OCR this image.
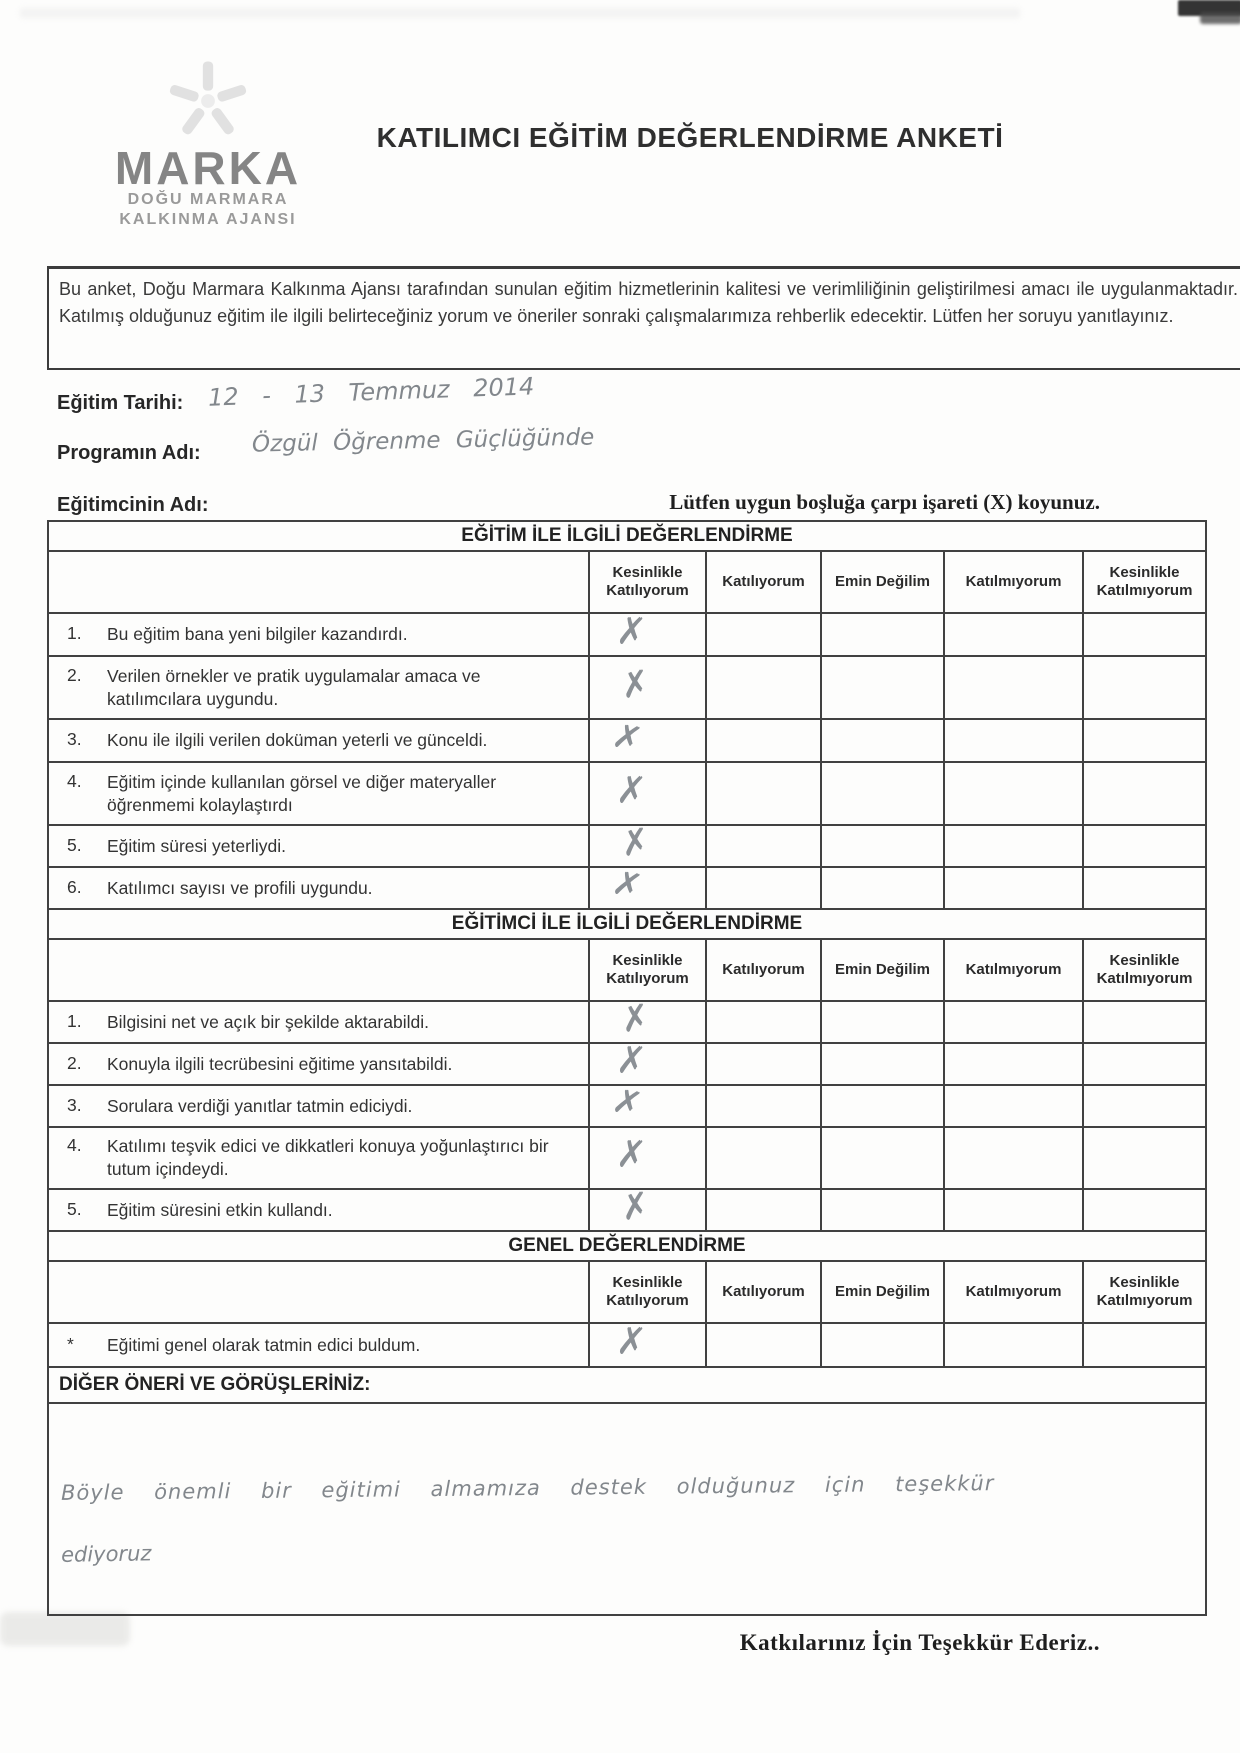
MARKA
DOĞU MARMARA
KALKINMA AJANSI
KATILIMCI EĞİTİM DEĞERLENDİRME ANKETİ
Bu anket, Doğu Marmara Kalkınma Ajansı tarafından sunulan eğitim hizmetlerinin kalitesi ve verimliliğinin geliştirilmesi amacı ile uygulanmaktadır. Katılmış olduğunuz eğitim ile ilgili belirteceğiniz yorum ve öneriler sonraki çalışmalarımıza rehberlik edecektir. Lütfen her soruyu yanıtlayınız.
Eğitim Tarihi: 12 - 13 Temmuz 2014
Programın Adı: Özgül Öğrenme Güçlüğünde
Eğitimcinin Adı:	Lütfen uygun boşluğa çarpı işareti (X) koyunuz.
EĞİTİM İLE İLGİLİ DEĞERLENDİRME					
	Kesinlikle Katılıyorum	Katılıyorum	Emin Değilim	Katılmıyorum	Kesinlikle Katılmıyorum
1. Bu eğitim bana yeni bilgiler kazandırdı.	✗				
2. Verilen örnekler ve pratik uygulamalar amaca ve katılımcılara uygundu.	✗				
3. Konu ile ilgili verilen doküman yeterli ve günceldi.	✗				
4. Eğitim içinde kullanılan görsel ve diğer materyaller öğrenmemi kolaylaştırdı	✗				
5. Eğitim süresi yeterliydi.	✗				
6. Katılımcı sayısı ve profili uygundu.	✗				
EĞİTİMCİ İLE İLGİLİ DEĞERLENDİRME					
	Kesinlikle Katılıyorum	Katılıyorum	Emin Değilim	Katılmıyorum	Kesinlikle Katılmıyorum
1. Bilgisini net ve açık bir şekilde aktarabildi.	✗				
2. Konuyla ilgili tecrübesini eğitime yansıtabildi.	✗				
3. Sorulara verdiği yanıtlar tatmin ediciydi.	✗				
4. Katılımı teşvik edici ve dikkatleri konuya yoğunlaştırıcı bir tutum içindeydi.	✗				
5. Eğitim süresini etkin kullandı.	✗				
GENEL DEĞERLENDİRME					
	Kesinlikle Katılıyorum	Katılıyorum	Emin Değilim	Katılmıyorum	Kesinlikle Katılmıyorum
* Eğitimi genel olarak tatmin edici buldum.	✗				
DİĞER ÖNERİ VE GÖRÜŞLERİNİZ:					

Böyle önemli bir eğitimi almamıza destek olduğunuz için teşekkür
ediyoruz					
Katkılarınız İçin Teşekkür Ederiz..
